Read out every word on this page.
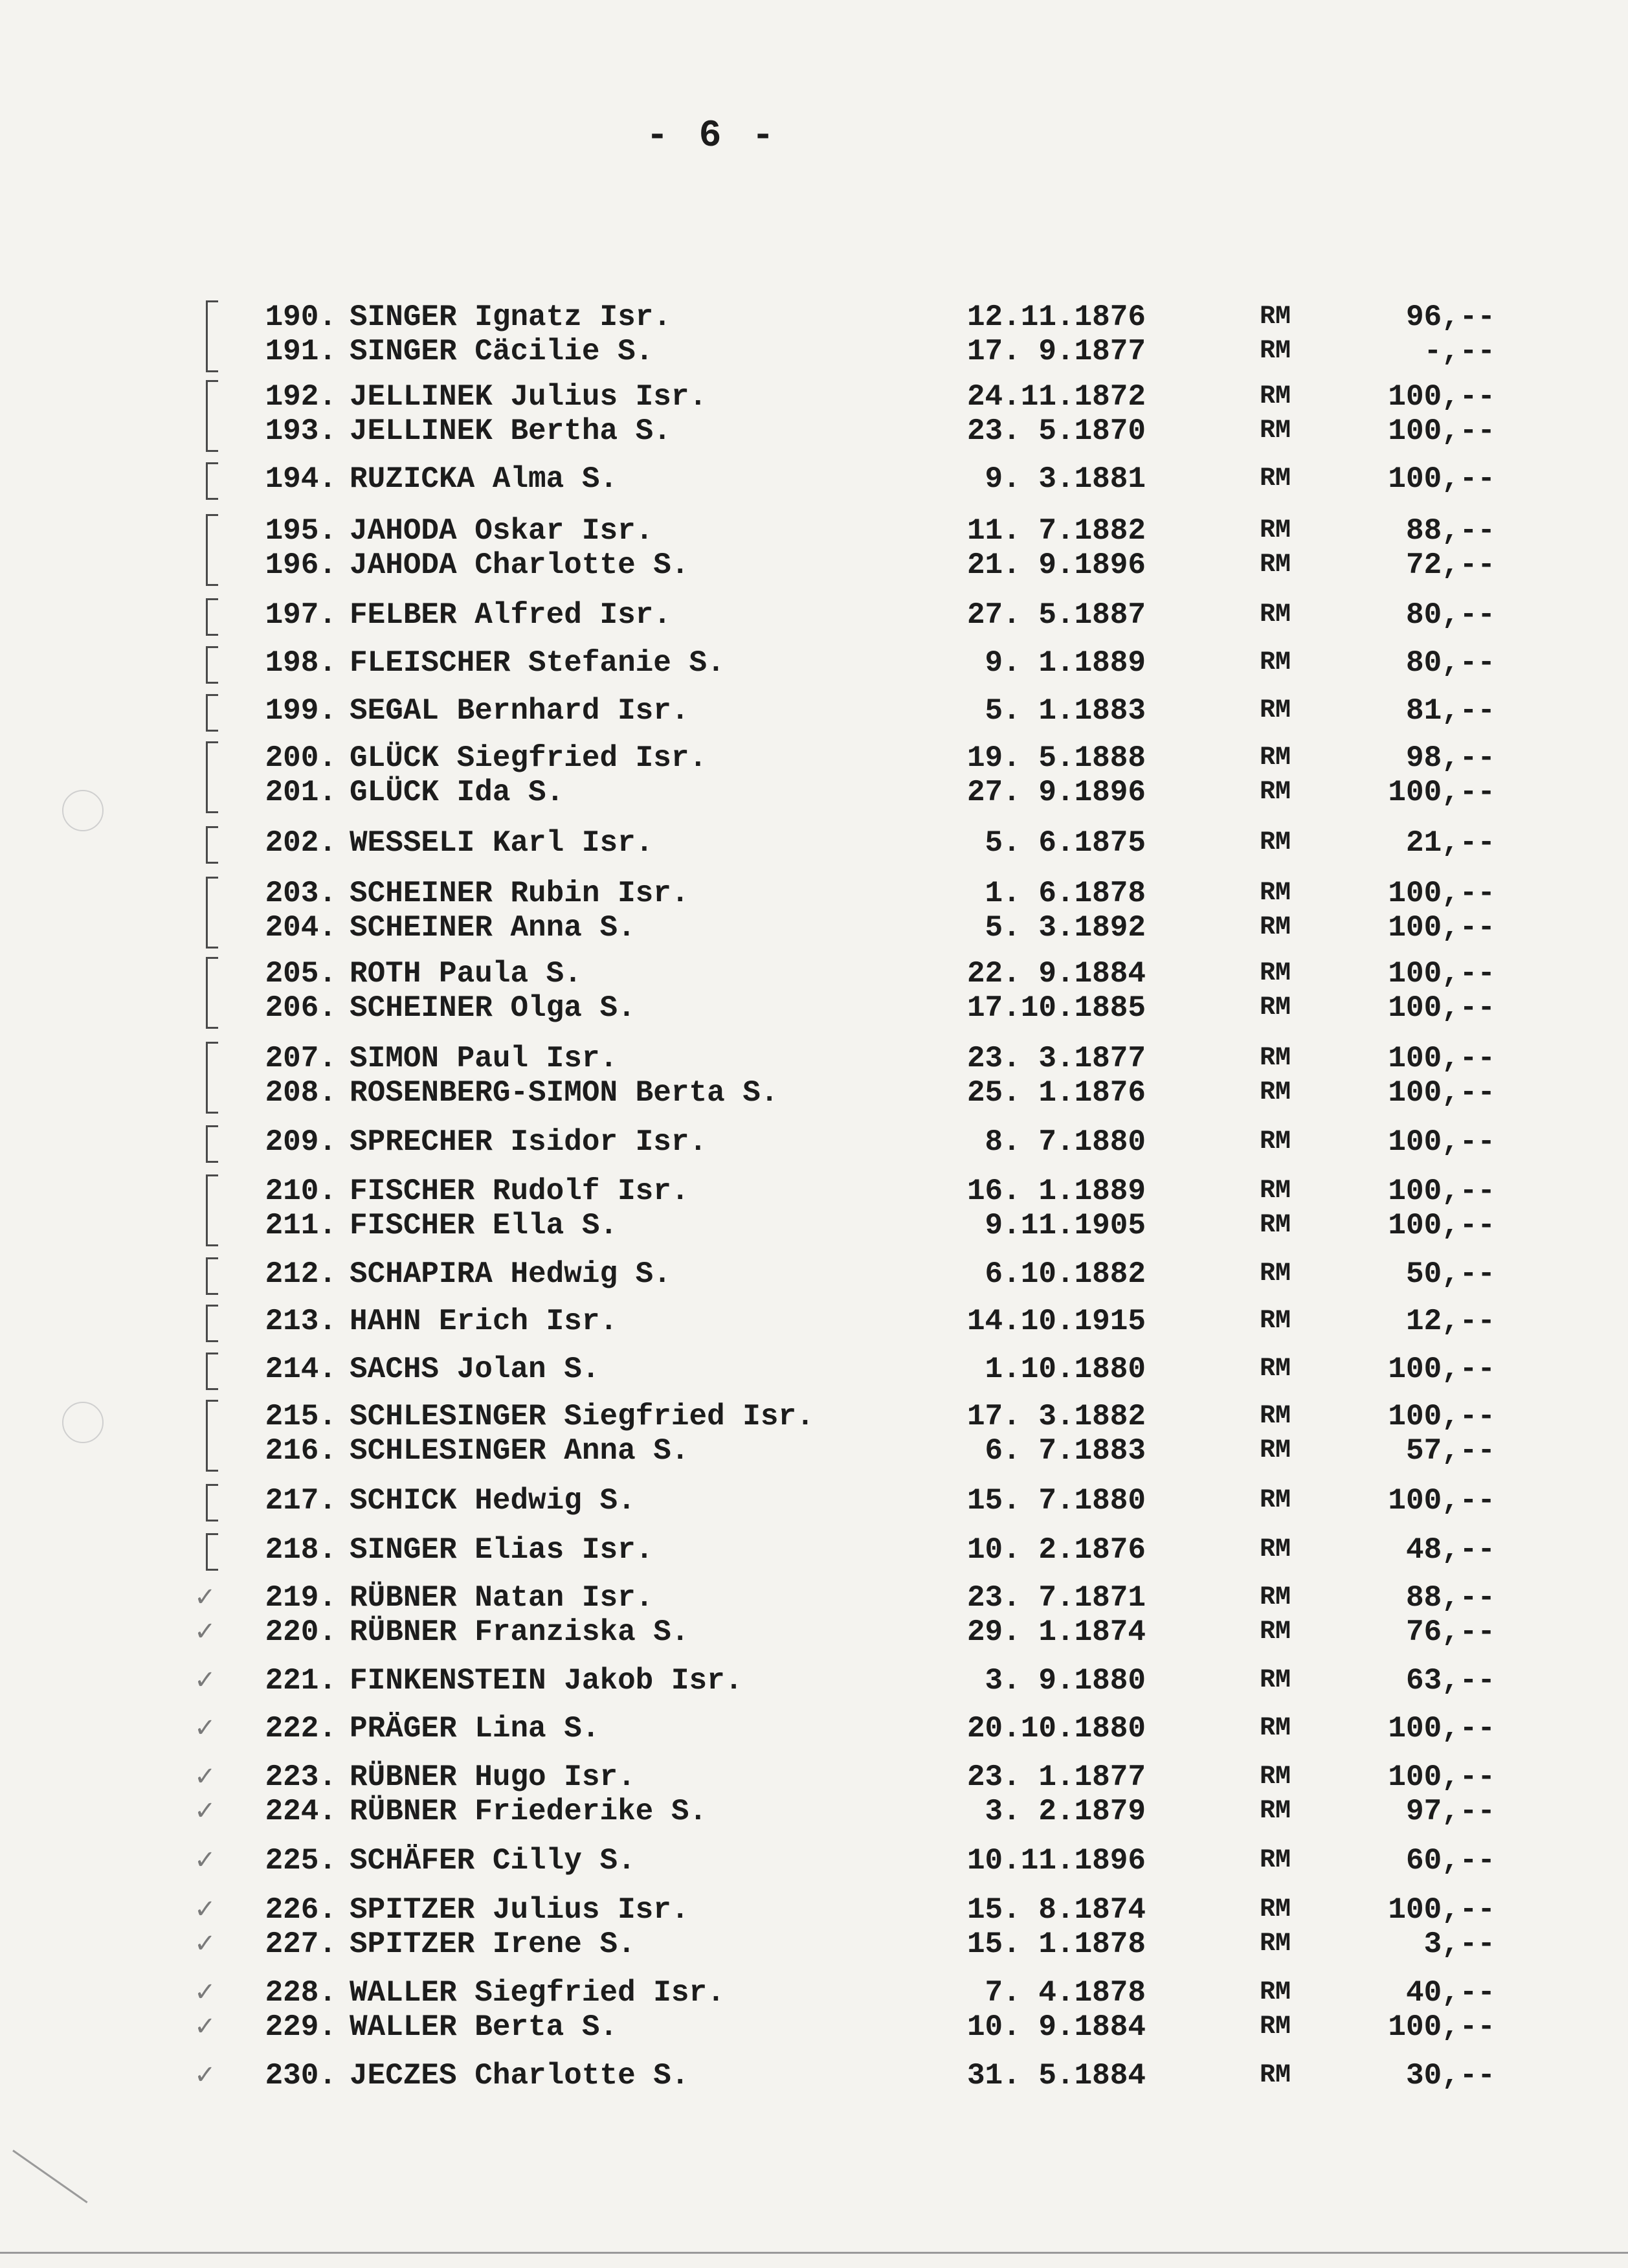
- 6 -
190. SINGER Ignatz Isr.	12.11.1876	RM	96,--
191. SINGER Cäcilie S.	17. 9.1877	RM	-,--
192. JELLINEK Julius Isr.	24.11.1872	RM	100,--
193. JELLINEK Bertha S.	23. 5.1870	RM	100,--
194. RUZICKA Alma S.	9. 3.1881	RM	100,--
195. JAHODA Oskar Isr.	11. 7.1882	RM	88,--
196. JAHODA Charlotte S.	21. 9.1896	RM	72,--
197. FELBER Alfred Isr.	27. 5.1887	RM	80,--
198. FLEISCHER Stefanie S.	9. 1.1889	RM	80,--
199. SEGAL Bernhard Isr.	5. 1.1883	RM	81,--
200. GLÜCK Siegfried Isr.	19. 5.1888	RM	98,--
201. GLÜCK Ida S.	27. 9.1896	RM	100,--
202. WESSELI Karl Isr.	5. 6.1875	RM	21,--
203. SCHEINER Rubin Isr.	1. 6.1878	RM	100,--
204. SCHEINER Anna S.	5. 3.1892	RM	100,--
205. ROTH Paula S.	22. 9.1884	RM	100,--
206. SCHEINER Olga S.	17.10.1885	RM	100,--
207. SIMON Paul Isr.	23. 3.1877	RM	100,--
208. ROSENBERG-SIMON Berta S.	25. 1.1876	RM	100,--
209. SPRECHER Isidor Isr.	8. 7.1880	RM	100,--
210. FISCHER Rudolf Isr.	16. 1.1889	RM	100,--
211. FISCHER Ella S.	9.11.1905	RM	100,--
212. SCHAPIRA Hedwig S.	6.10.1882	RM	50,--
213. HAHN Erich Isr.	14.10.1915	RM	12,--
214. SACHS Jolan S.	1.10.1880	RM	100,--
215. SCHLESINGER Siegfried Isr.	17. 3.1882	RM	100,--
216. SCHLESINGER Anna S.	6. 7.1883	RM	57,--
217. SCHICK Hedwig S.	15. 7.1880	RM	100,--
218. SINGER Elias Isr.	10. 2.1876	RM	48,--
219. RÜBNER Natan Isr.	23. 7.1871	RM	88,--
220. RÜBNER Franziska S.	29. 1.1874	RM	76,--
221. FINKENSTEIN Jakob Isr.	3. 9.1880	RM	63,--
222. PRÄGER Lina S.	20.10.1880	RM	100,--
223. RÜBNER Hugo Isr.	23. 1.1877	RM	100,--
224. RÜBNER Friederike S.	3. 2.1879	RM	97,--
225. SCHÄFER Cilly S.	10.11.1896	RM	60,--
226. SPITZER Julius Isr.	15. 8.1874	RM	100,--
227. SPITZER Irene S.	15. 1.1878	RM	3,--
228. WALLER Siegfried Isr.	7. 4.1878	RM	40,--
229. WALLER Berta S.	10. 9.1884	RM	100,--
230. JECZES Charlotte S.	31. 5.1884	RM	30,--
✓
✓
✓
✓
✓
✓
✓
✓
✓
✓
✓
✓
